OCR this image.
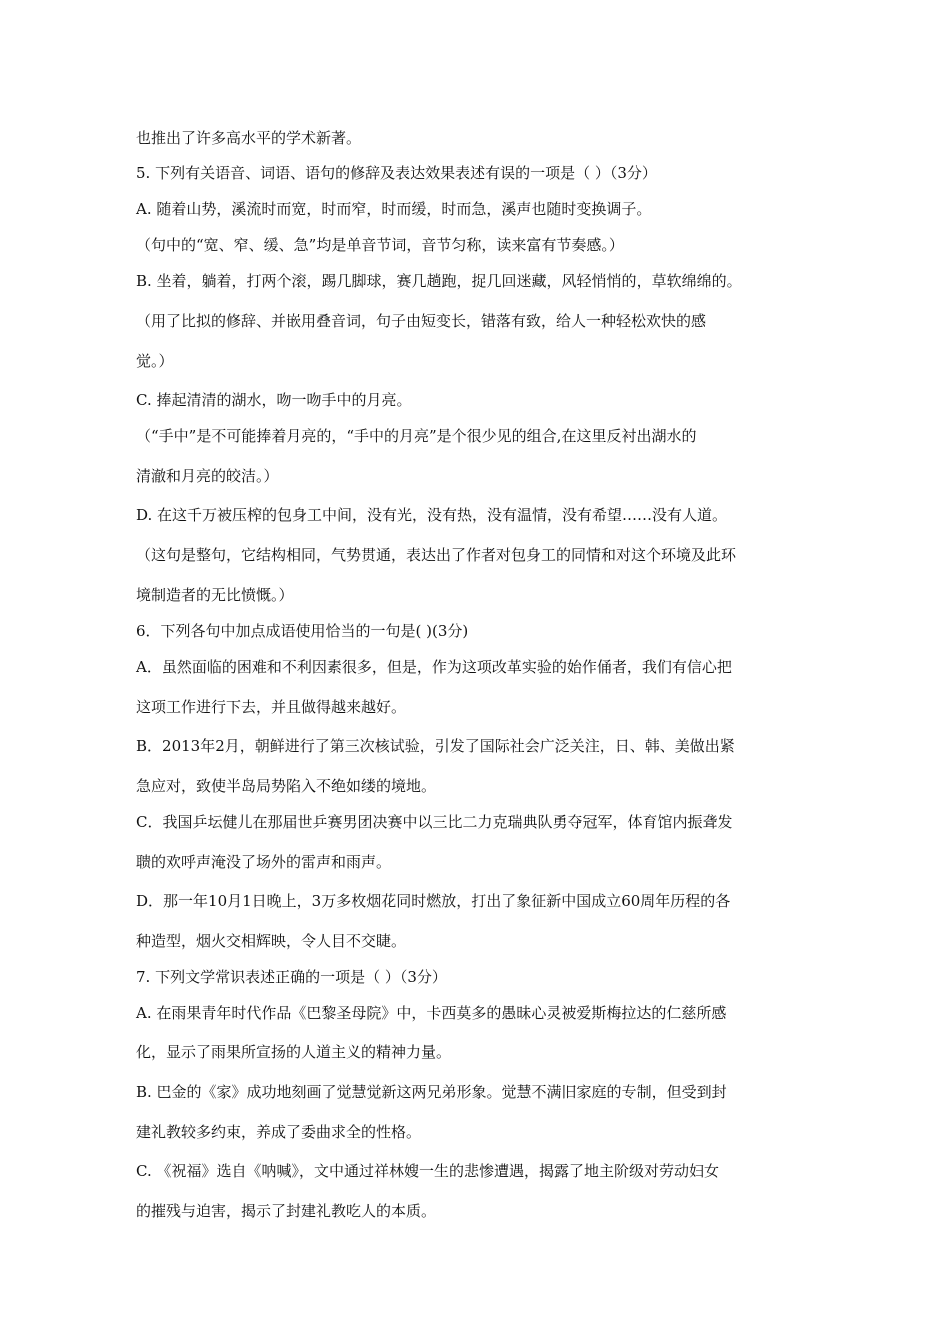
也推出了许多高水平的学术新著。
5. 下列有关语音、词语、语句的修辞及表达效果表述有误的一项是（ ）（3分）
A. 随着山势，溪流时而宽，时而窄，时而缓，时而急，溪声也随时变换调子。
（句中的“宽、窄、缓、急”均是单音节词，音节匀称，读来富有节奏感。）
B. 坐着，躺着，打两个滚，踢几脚球，赛几趟跑，捉几回迷藏，风轻悄悄的，草软绵绵的。
（用了比拟的修辞、并嵌用叠音词，句子由短变长，错落有致，给人一种轻松欢快的感
觉。）
C. 捧起清清的湖水，吻一吻手中的月亮。
（“手中”是不可能捧着月亮的，“手中的月亮”是个很少见的组合,在这里反衬出湖水的
清澈和月亮的皎洁。）
D. 在这千万被压榨的包身工中间，没有光，没有热，没有温情，没有希望……没有人道。
（这句是整句，它结构相同，气势贯通，表达出了作者对包身工的同情和对这个环境及此环
境制造者的无比愤慨。）
6．下列各句中加点成语使用恰当的一句是( )(3分)
A．虽然面临的困难和不利因素很多，但是，作为这项改革实验的始作俑者，我们有信心把
这项工作进行下去，并且做得越来越好。
B．2013年2月，朝鲜进行了第三次核试验，引发了国际社会广泛关注，日、韩、美做出紧
急应对，致使半岛局势陷入不绝如缕的境地。
C．我国乒坛健儿在那届世乒赛男团决赛中以三比二力克瑞典队勇夺冠军，体育馆内振聋发
聩的欢呼声淹没了场外的雷声和雨声。
D．那一年10月1日晚上，3万多枚烟花同时燃放，打出了象征新中国成立60周年历程的各
种造型，烟火交相辉映，令人目不交睫。
7. 下列文学常识表述正确的一项是（ ）（3分）
A. 在雨果青年时代作品《巴黎圣母院》中，卡西莫多的愚昧心灵被爱斯梅拉达的仁慈所感
化，显示了雨果所宣扬的人道主义的精神力量。
B. 巴金的《家》成功地刻画了觉慧觉新这两兄弟形象。觉慧不满旧家庭的专制，但受到封
建礼教较多约束，养成了委曲求全的性格。
C. 《祝福》选自《呐喊》，文中通过祥林嫂一生的悲惨遭遇，揭露了地主阶级对劳动妇女
的摧残与迫害，揭示了封建礼教吃人的本质。
